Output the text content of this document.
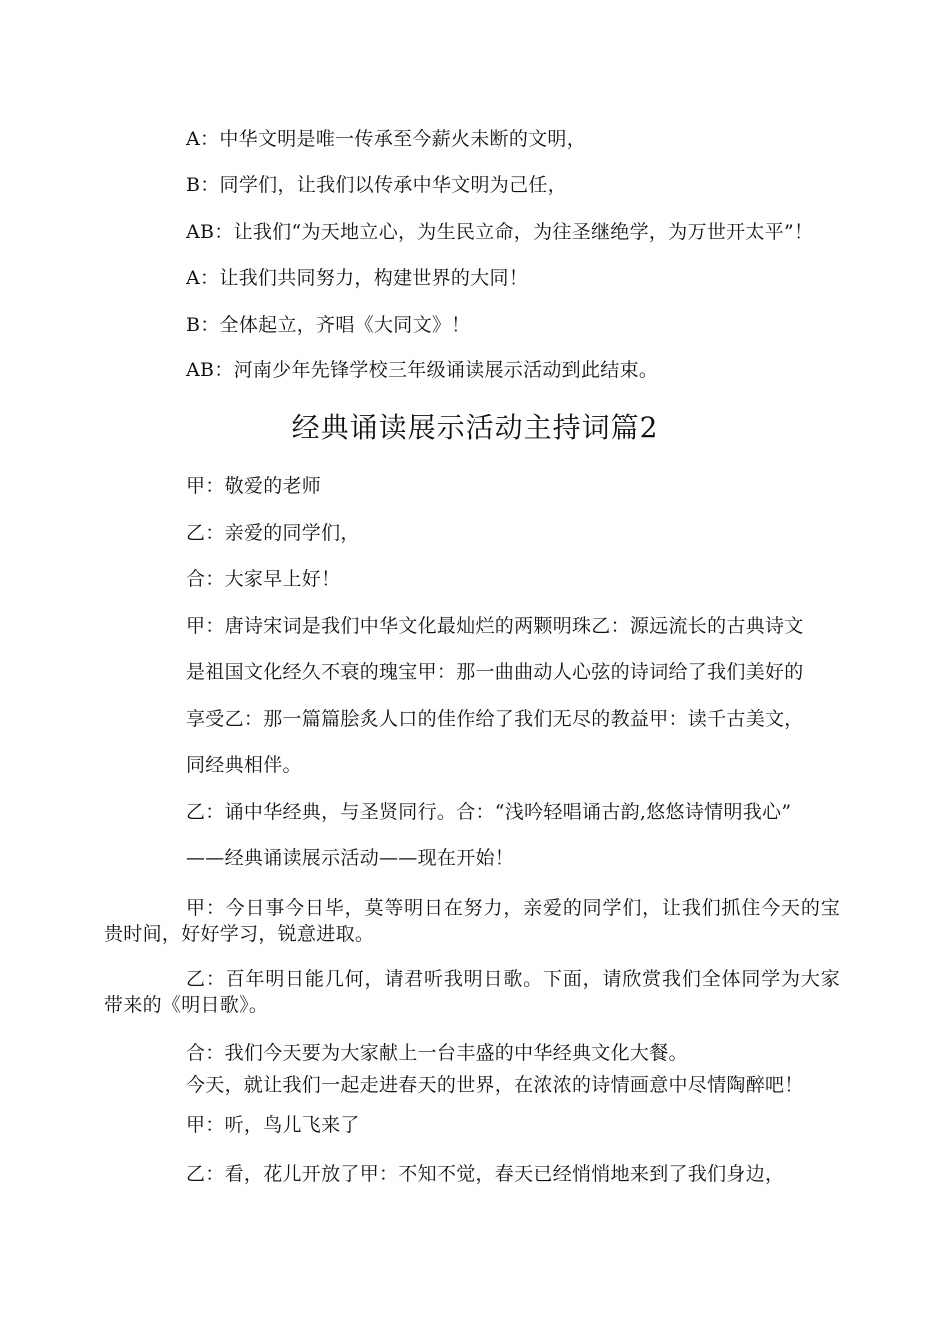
A：中华文明是唯一传承至今薪火未断的文明，

B：同学们，让我们以传承中华文明为己任，

AB：让我们“为天地立心，为生民立命，为往圣继绝学，为万世开太平”！

A：让我们共同努力，构建世界的大同！

B：全体起立，齐唱《大同文》！

AB：河南少年先锋学校三年级诵读展示活动到此结束。

经典诵读展示活动主持词篇2

甲：敬爱的老师

乙：亲爱的同学们，

合：大家早上好！

甲：唐诗宋词是我们中华文化最灿烂的两颗明珠乙：源远流长的古典诗文

是祖国文化经久不衰的瑰宝甲：那一曲曲动人心弦的诗词给了我们美好的

享受乙：那一篇篇脍炙人口的佳作给了我们无尽的教益甲：读千古美文，

同经典相伴。

乙：诵中华经典，与圣贤同行。合：“浅吟轻唱诵古韵,悠悠诗情明我心”

——经典诵读展示活动——现在开始！

甲：今日事今日毕，莫等明日在努力，亲爱的同学们，让我们抓住今天的宝贵时间，好好学习，锐意进取。

乙：百年明日能几何，请君听我明日歌。下面，请欣赏我们全体同学为大家带来的《明日歌》。

合：我们今天要为大家献上一台丰盛的中华经典文化大餐。

今天，就让我们一起走进春天的世界，在浓浓的诗情画意中尽情陶醉吧！

甲：听，鸟儿飞来了

乙：看，花儿开放了甲：不知不觉，春天已经悄悄地来到了我们身边，
